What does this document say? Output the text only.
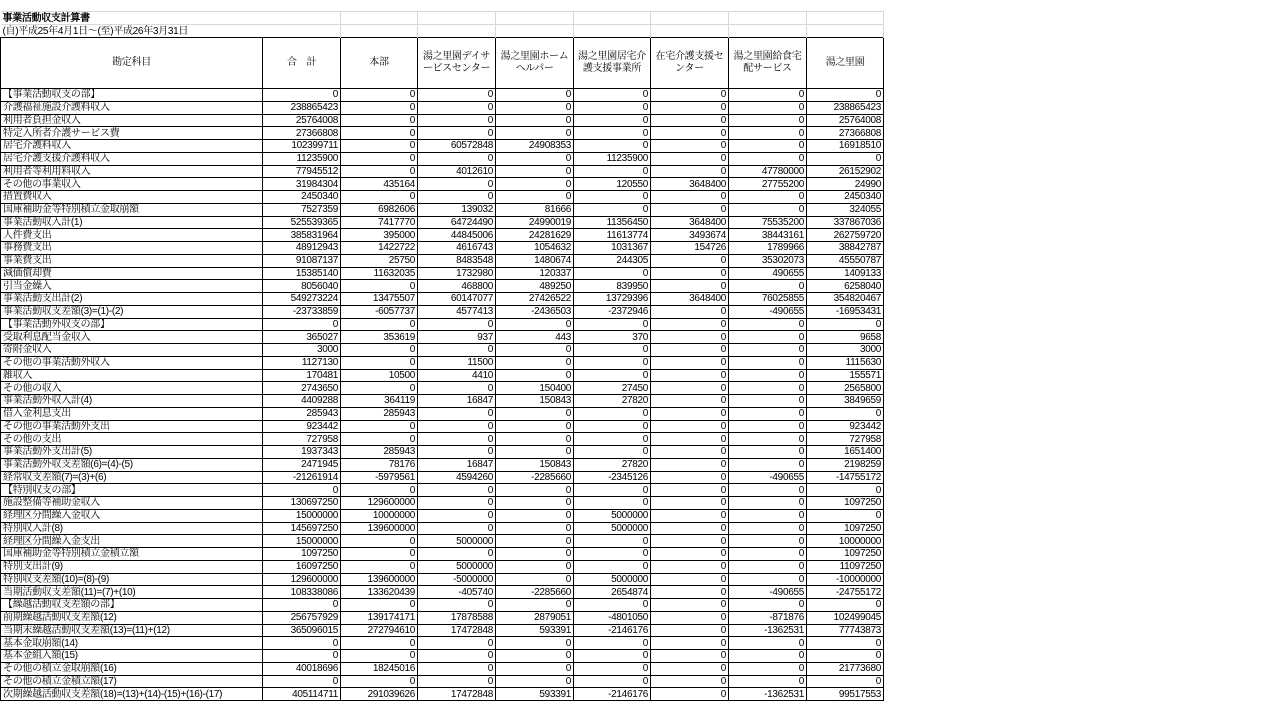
事業活動収支計算書								
(自)平成25年4月1日～(至)平成26年3月31日								
勘定科目	合　計	本部	湯之里園デイサービスセンター	湯之里園ホームヘルパー	湯之里園居宅介護支援事業所	在宅介護支援センター	湯之里園給食宅配サービス	湯之里園
【事業活動収支の部】	0	0	0	0	0	0	0	0
介護福祉施設介護料収入	238865423	0	0	0	0	0	0	238865423
利用者負担金収入	25764008	0	0	0	0	0	0	25764008
特定入所者介護サービス費	27366808	0	0	0	0	0	0	27366808
居宅介護料収入	102399711	0	60572848	24908353	0	0	0	16918510
居宅介護支援介護料収入	11235900	0	0	0	11235900	0	0	0
利用者等利用料収入	77945512	0	4012610	0	0	0	47780000	26152902
その他の事業収入	31984304	435164	0	0	120550	3648400	27755200	24990
措置費収入	2450340	0	0	0	0	0	0	2450340
国庫補助金等特別積立金取崩額	7527359	6982606	139032	81666	0	0	0	324055
事業活動収入計(1)	525539365	7417770	64724490	24990019	11356450	3648400	75535200	337867036
人件費支出	385831964	395000	44845006	24281629	11613774	3493674	38443161	262759720
事務費支出	48912943	1422722	4616743	1054632	1031367	154726	1789966	38842787
事業費支出	91087137	25750	8483548	1480674	244305	0	35302073	45550787
減価償却費	15385140	11632035	1732980	120337	0	0	490655	1409133
引当金繰入	8056040	0	468800	489250	839950	0	0	6258040
事業活動支出計(2)	549273224	13475507	60147077	27426522	13729396	3648400	76025855	354820467
事業活動収支差額(3)=(1)-(2)	-23733859	-6057737	4577413	-2436503	-2372946	0	-490655	-16953431
【事業活動外収支の部】	0	0	0	0	0	0	0	0
受取利息配当金収入	365027	353619	937	443	370	0	0	9658
寄附金収入	3000	0	0	0	0	0	0	3000
その他の事業活動外収入	1127130	0	11500	0	0	0	0	1115630
雑収入	170481	10500	4410	0	0	0	0	155571
その他の収入	2743650	0	0	150400	27450	0	0	2565800
事業活動外収入計(4)	4409288	364119	16847	150843	27820	0	0	3849659
借入金利息支出	285943	285943	0	0	0	0	0	0
その他の事業活動外支出	923442	0	0	0	0	0	0	923442
その他の支出	727958	0	0	0	0	0	0	727958
事業活動外支出計(5)	1937343	285943	0	0	0	0	0	1651400
事業活動外収支差額(6)=(4)-(5)	2471945	78176	16847	150843	27820	0	0	2198259
経常収支差額(7)=(3)+(6)	-21261914	-5979561	4594260	-2285660	-2345126	0	-490655	-14755172
【特別収支の部】	0	0	0	0	0	0	0	0
施設整備等補助金収入	130697250	129600000	0	0	0	0	0	1097250
経理区分間繰入金収入	15000000	10000000	0	0	5000000	0	0	0
特別収入計(8)	145697250	139600000	0	0	5000000	0	0	1097250
経理区分間繰入金支出	15000000	0	5000000	0	0	0	0	10000000
国庫補助金等特別積立金積立額	1097250	0	0	0	0	0	0	1097250
特別支出計(9)	16097250	0	5000000	0	0	0	0	11097250
特別収支差額(10)=(8)-(9)	129600000	139600000	-5000000	0	5000000	0	0	-10000000
当期活動収支差額(11)=(7)+(10)	108338086	133620439	-405740	-2285660	2654874	0	-490655	-24755172
【繰越活動収支差額の部】	0	0	0	0	0	0	0	0
前期繰越活動収支差額(12)	256757929	139174171	17878588	2879051	-4801050	0	-871876	102499045
当期末繰越活動収支差額(13)=(11)+(12)	365096015	272794610	17472848	593391	-2146176	0	-1362531	77743873
基本金取崩額(14)	0	0	0	0	0	0	0	0
基本金組入額(15)	0	0	0	0	0	0	0	0
その他の積立金取崩額(16)	40018696	18245016	0	0	0	0	0	21773680
その他の積立金積立額(17)	0	0	0	0	0	0	0	0
次期繰越活動収支差額(18)=(13)+(14)-(15)+(16)-(17)	405114711	291039626	17472848	593391	-2146176	0	-1362531	99517553
